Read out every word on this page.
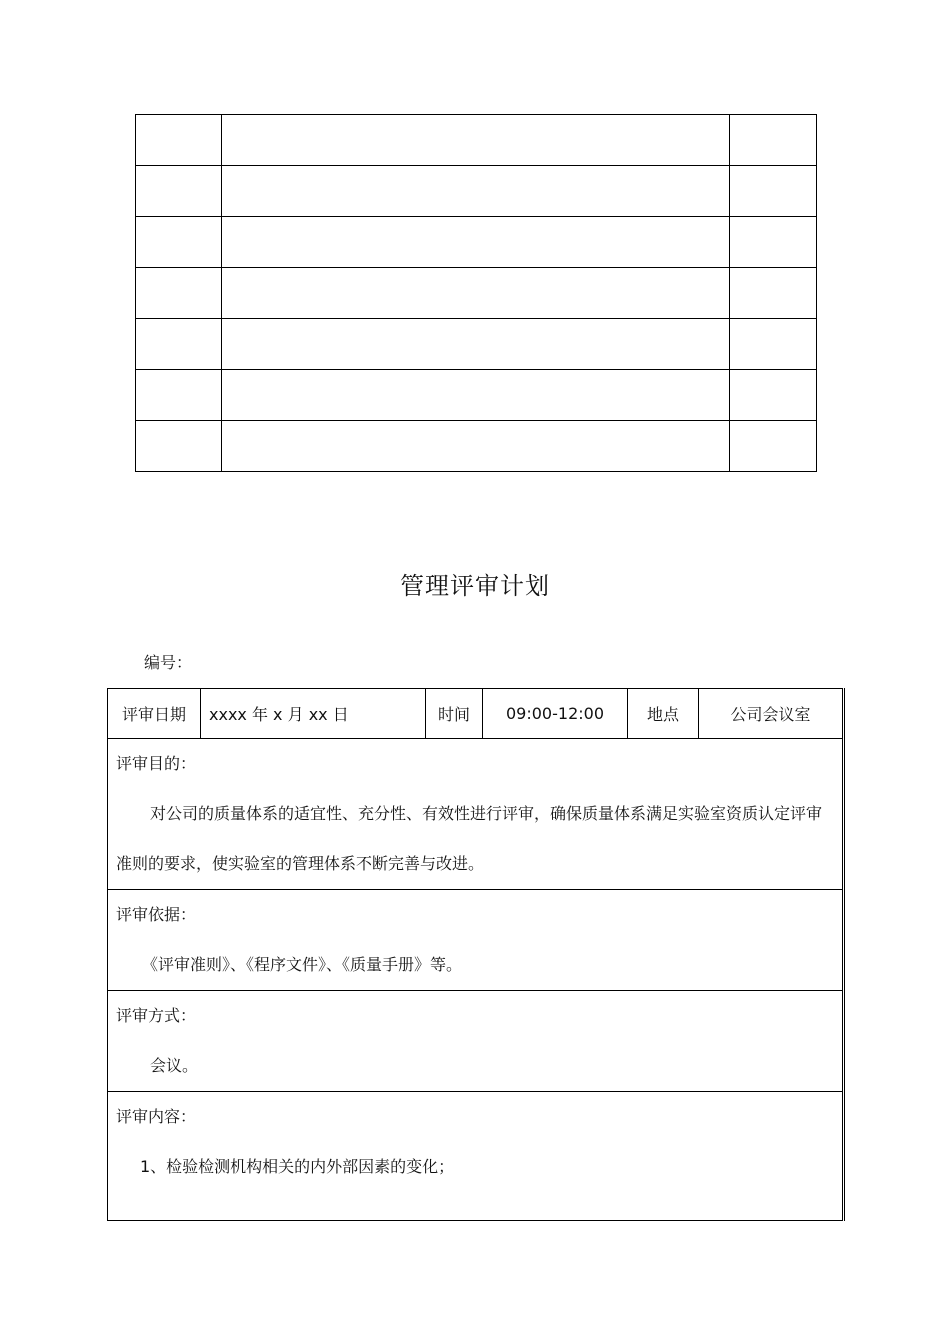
管理评审计划
编号：
评审日期	xxxx 年 x 月 xx 日	时间	09:00-12:00	地点	公司会议室

评审目的：
对公司的质量体系的适宜性、充分性、有效性进行评审，确保质量体系满足实验室资质认定评审准则的要求，使实验室的管理体系不断完善与改进。

评审依据：
《评审准则》、《程序文件》、《质量手册》等。

评审方式：
会议。

评审内容：
1、检验检测机构相关的内外部因素的变化；
